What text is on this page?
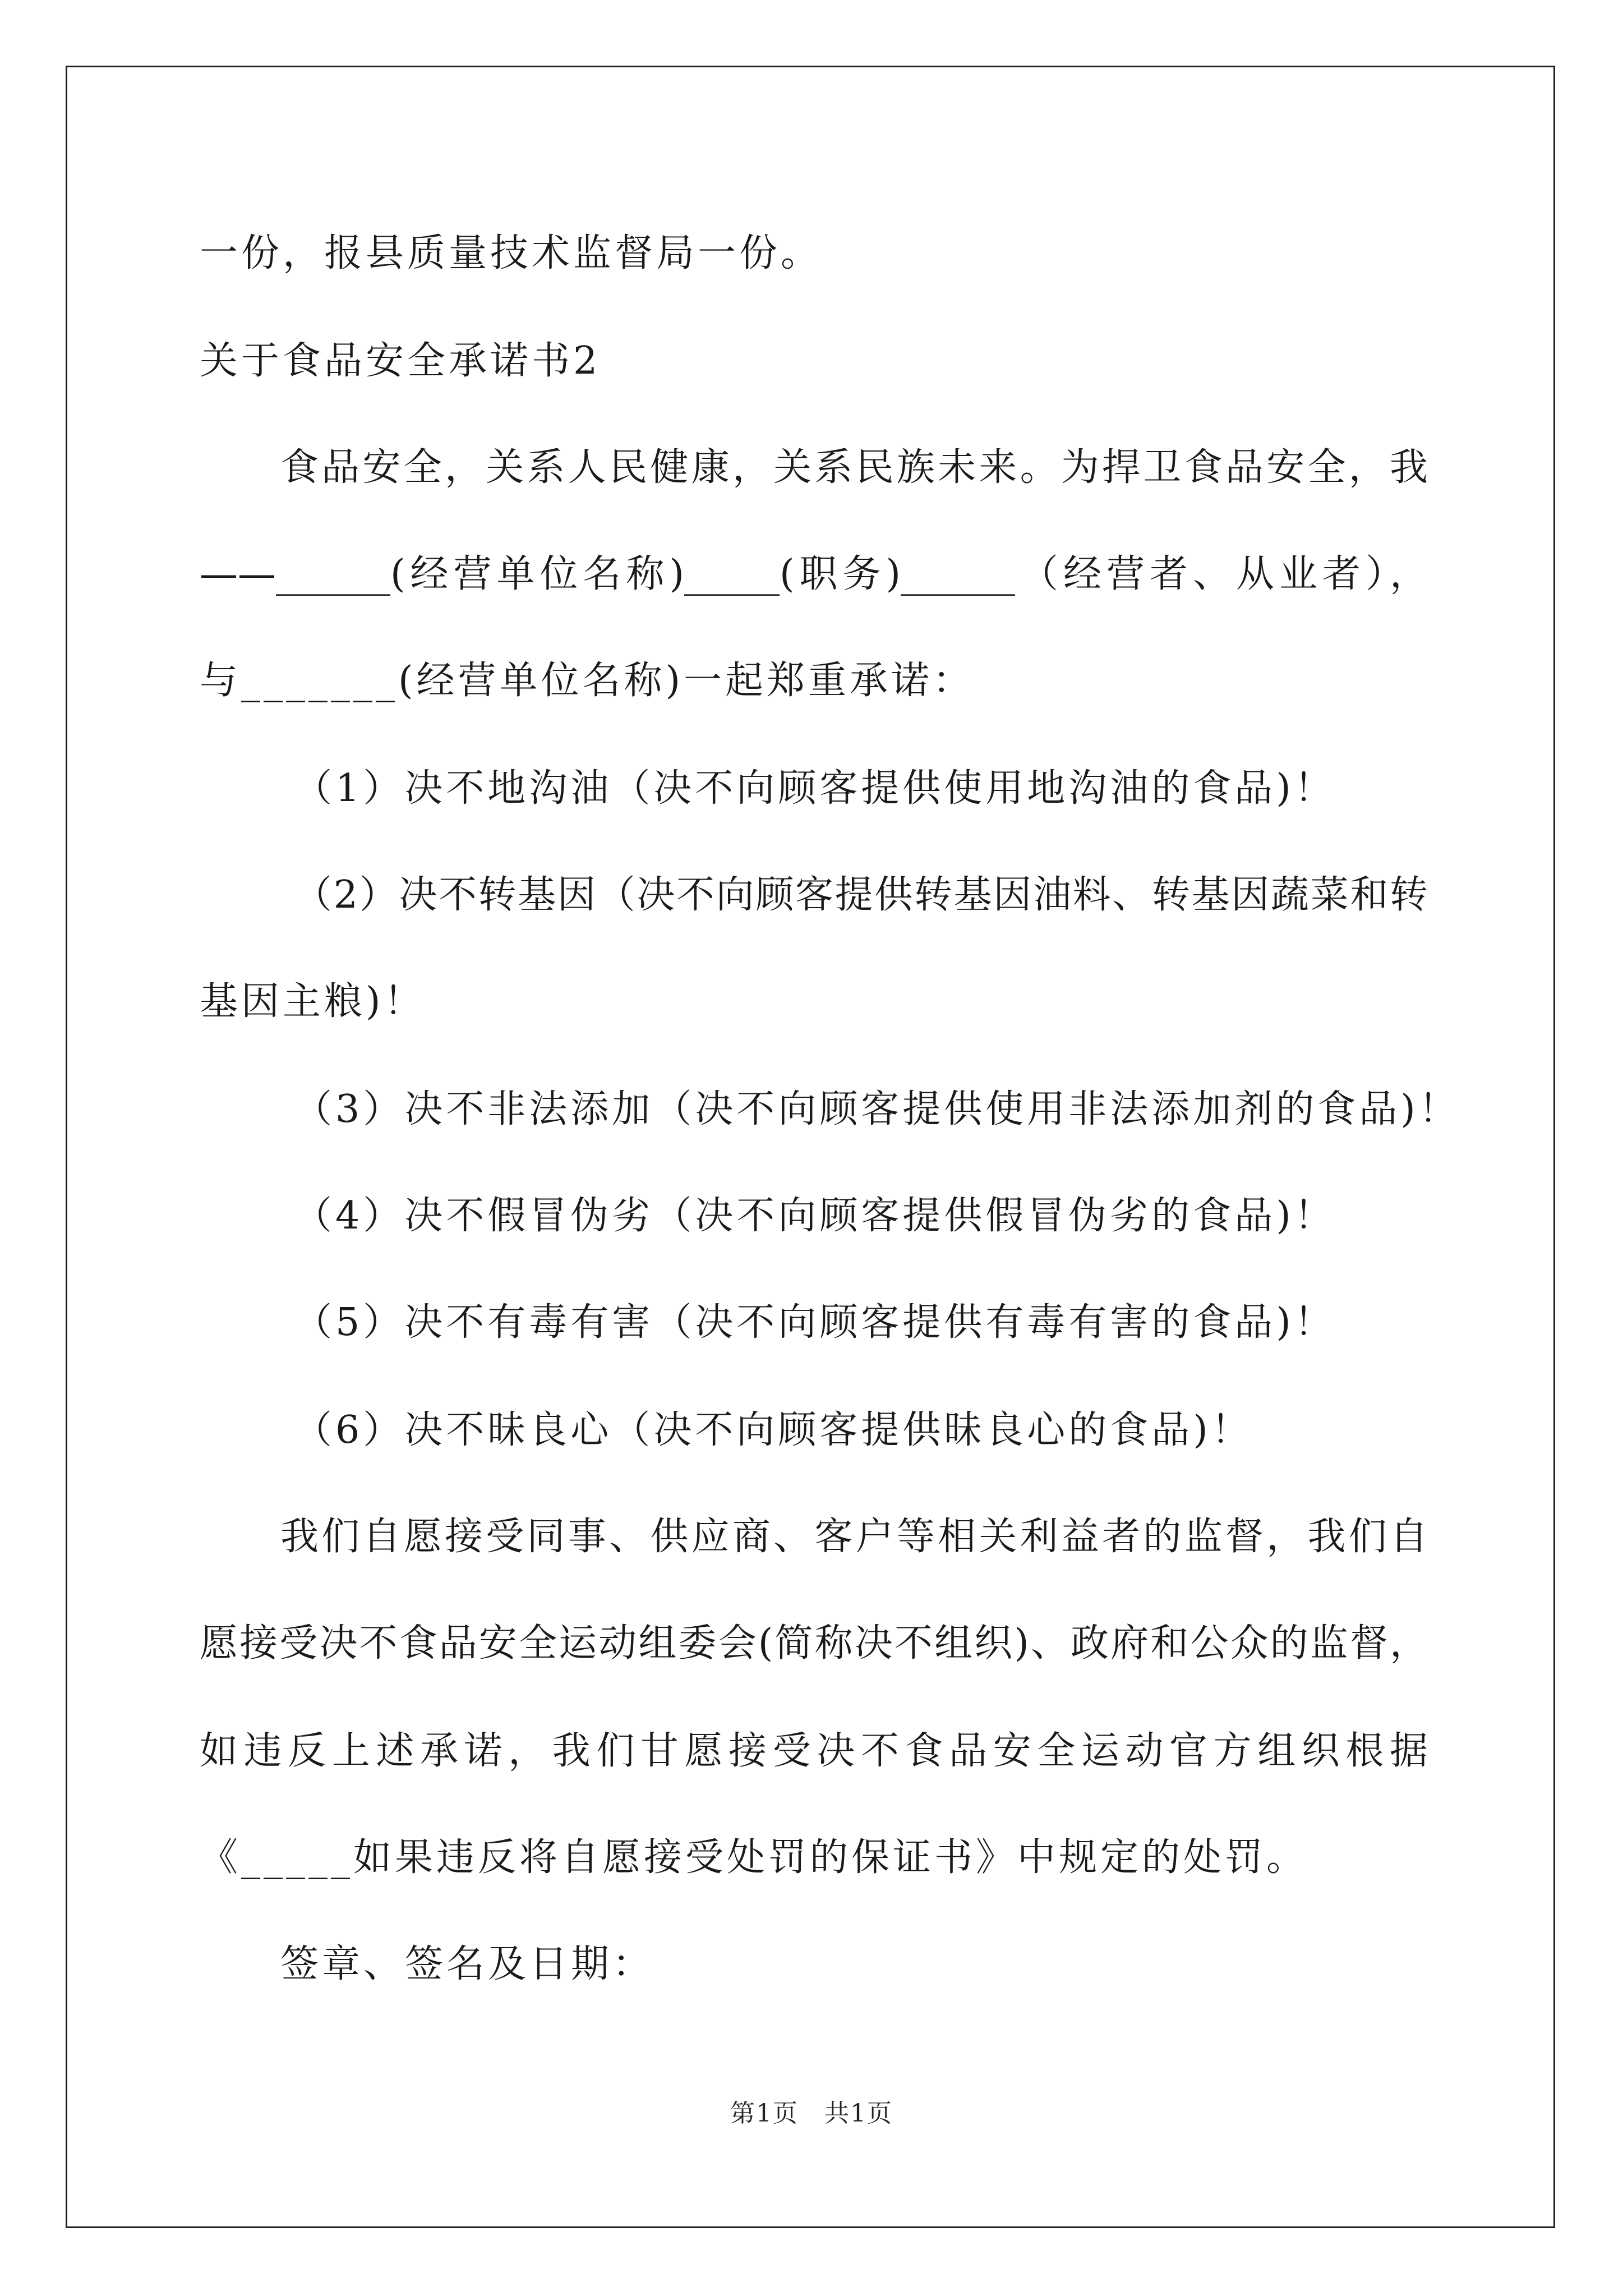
一份，报县质量技术监督局一份。
关于食品安全承诺书2
食品安全，关系人民健康，关系民族未来。为捍卫食品安全，我
——______(经营单位名称)_____(职务)______（经营者、从业者），
与_______(经营单位名称)一起郑重承诺：
（1）决不地沟油（决不向顾客提供使用地沟油的食品)！
（2）决不转基因（决不向顾客提供转基因油料、转基因蔬菜和转
基因主粮)！
（3）决不非法添加（决不向顾客提供使用非法添加剂的食品)！
（4）决不假冒伪劣（决不向顾客提供假冒伪劣的食品)！
（5）决不有毒有害（决不向顾客提供有毒有害的食品)！
（6）决不昧良心（决不向顾客提供昧良心的食品)！
我们自愿接受同事、供应商、客户等相关利益者的监督，我们自
愿接受决不食品安全运动组委会(简称决不组织)、政府和公众的监督，
如违反上述承诺，我们甘愿接受决不食品安全运动官方组织根据
《_____如果违反将自愿接受处罚的保证书》中规定的处罚。
签章、签名及日期：
第1页　共1页
